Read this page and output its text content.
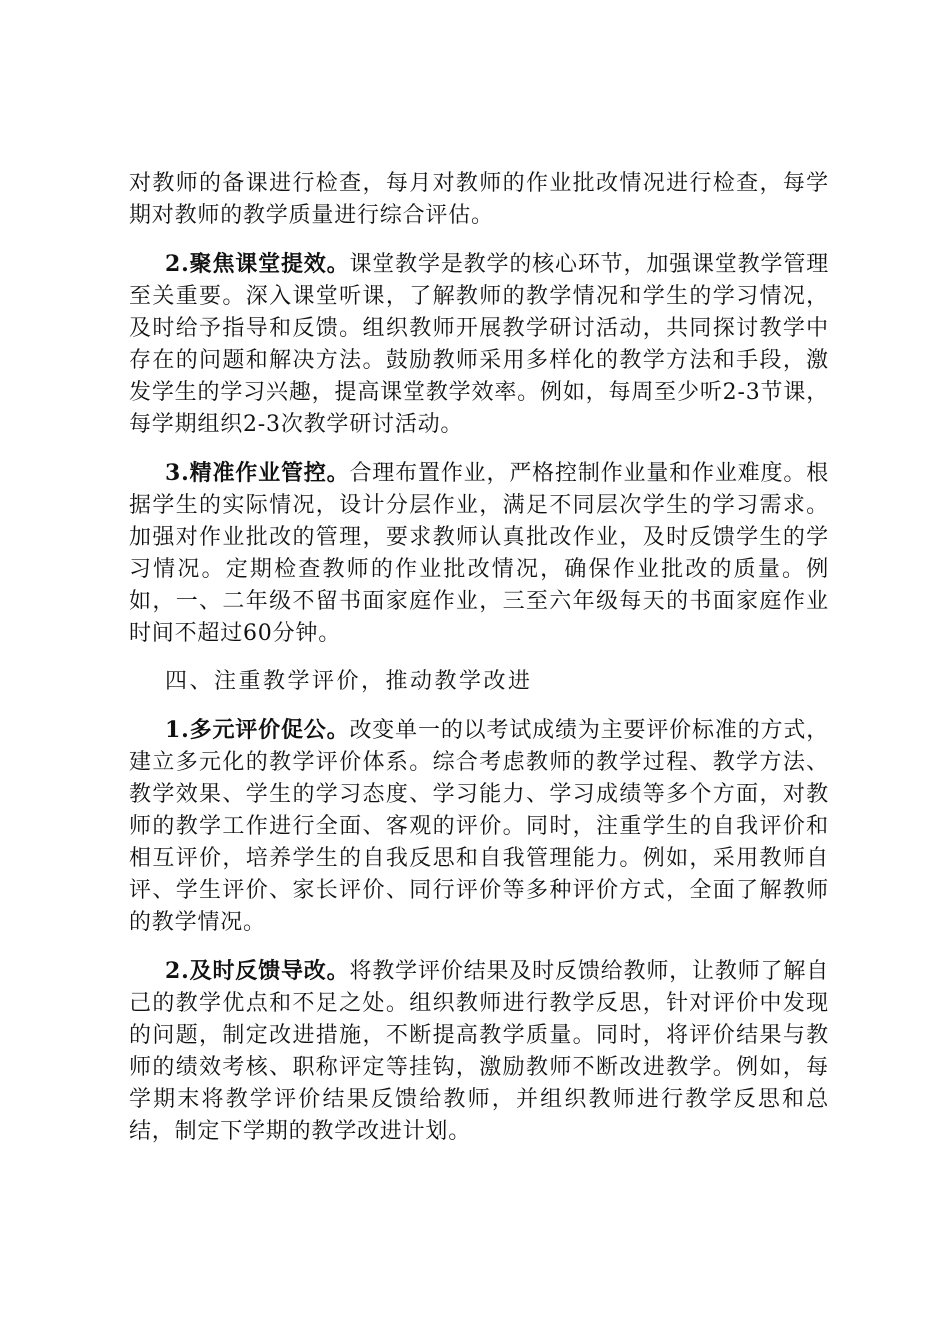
对教师的备课进行检查，每月对教师的作业批改情况进行检查，每学期对教师的教学质量进行综合评估。

2.聚焦课堂提效。课堂教学是教学的核心环节，加强课堂教学管理至关重要。深入课堂听课，了解教师的教学情况和学生的学习情况，及时给予指导和反馈。组织教师开展教学研讨活动，共同探讨教学中存在的问题和解决方法。鼓励教师采用多样化的教学方法和手段，激发学生的学习兴趣，提高课堂教学效率。例如，每周至少听2-3节课，每学期组织2-3次教学研讨活动。

3.精准作业管控。合理布置作业，严格控制作业量和作业难度。根据学生的实际情况，设计分层作业，满足不同层次学生的学习需求。加强对作业批改的管理，要求教师认真批改作业，及时反馈学生的学习情况。定期检查教师的作业批改情况，确保作业批改的质量。例如，一、二年级不留书面家庭作业，三至六年级每天的书面家庭作业时间不超过60分钟。

四、注重教学评价，推动教学改进

1.多元评价促公。改变单一的以考试成绩为主要评价标准的方式，建立多元化的教学评价体系。综合考虑教师的教学过程、教学方法、教学效果、学生的学习态度、学习能力、学习成绩等多个方面，对教师的教学工作进行全面、客观的评价。同时，注重学生的自我评价和相互评价，培养学生的自我反思和自我管理能力。例如，采用教师自评、学生评价、家长评价、同行评价等多种评价方式，全面了解教师的教学情况。

2.及时反馈导改。将教学评价结果及时反馈给教师，让教师了解自己的教学优点和不足之处。组织教师进行教学反思，针对评价中发现的问题，制定改进措施，不断提高教学质量。同时，将评价结果与教师的绩效考核、职称评定等挂钩，激励教师不断改进教学。例如，每学期末将教学评价结果反馈给教师，并组织教师进行教学反思和总结，制定下学期的教学改进计划。
